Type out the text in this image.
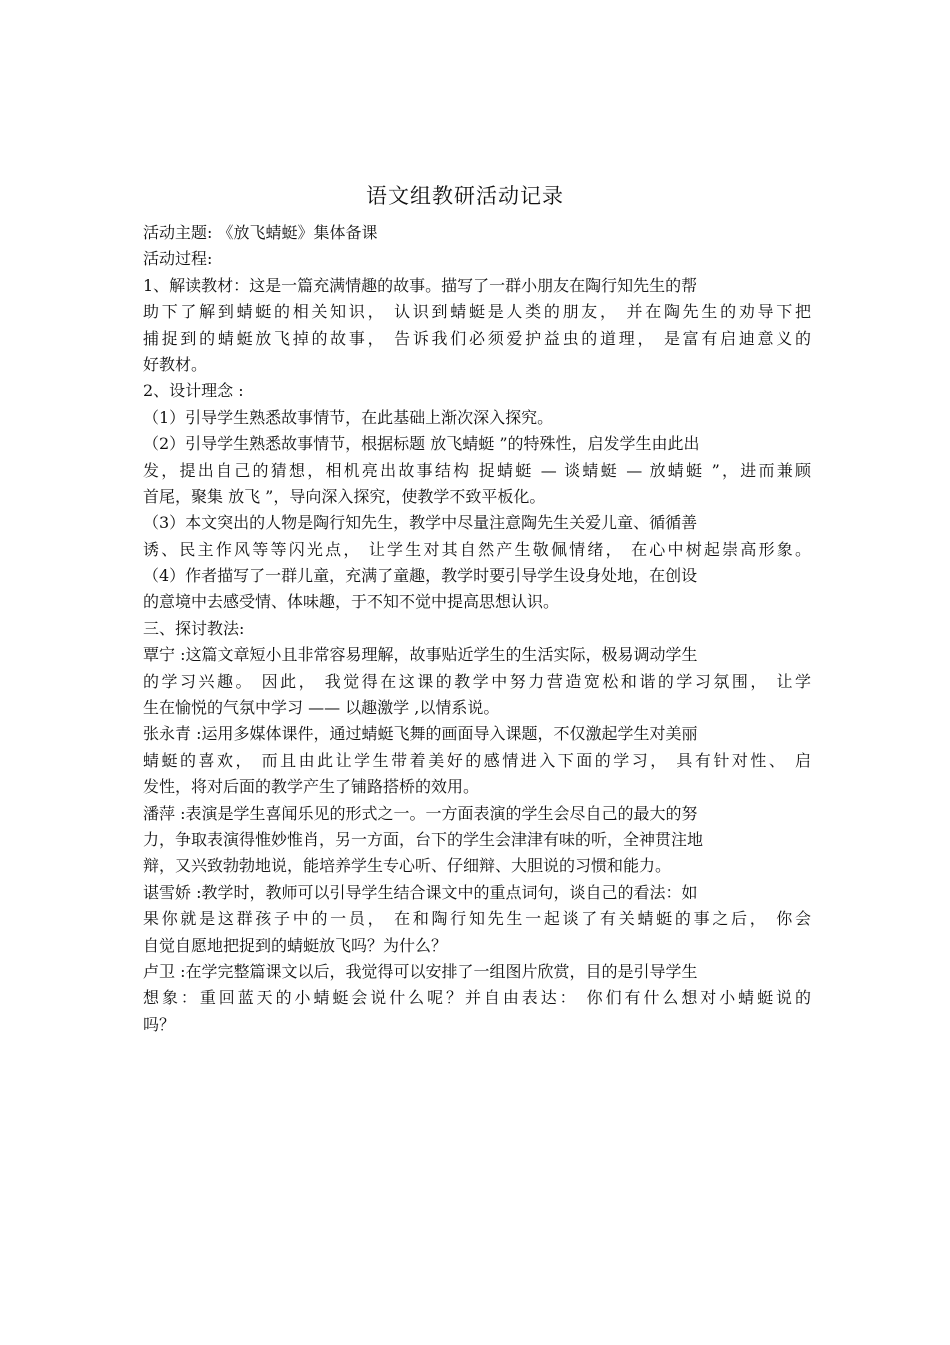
语文组教研活动记录
活动主题: 《放飞蜻蜓》集体备课
活动过程:
1、解读教材：这是一篇充满情趣的故事。描写了一群小朋友在陶行知先生的帮
助下了解到蜻蜓的相关知识， 认识到蜻蜓是人类的朋友， 并在陶先生的劝导下把
捕捉到的蜻蜓放飞掉的故事， 告诉我们必须爱护益虫的道理， 是富有启迪意义的
好教材。
2、设计理念 :
（1）引导学生熟悉故事情节，在此基础上渐次深入探究。
（2）引导学生熟悉故事情节，根据标题 放飞蜻蜓 ”的特殊性，启发学生由此出
发，提出自己的猜想，相机亮出故事结构 捉蜻蜓 — 谈蜻蜓 — 放蜻蜓 ”，进而兼顾
首尾，聚集 放飞 ”，导向深入探究，使教学不致平板化。
（3）本文突出的人物是陶行知先生，教学中尽量注意陶先生关爱儿童、循循善
诱、民主作风等等闪光点， 让学生对其自然产生敬佩情绪， 在心中树起崇高形象。
（4）作者描写了一群儿童，充满了童趣，教学时要引导学生设身处地，在创设
的意境中去感受情、体味趣，于不知不觉中提高思想认识。
三、探讨教法:
覃宁 :这篇文章短小且非常容易理解，故事贴近学生的生活实际，极易调动学生
的学习兴趣。 因此， 我觉得在这课的教学中努力营造宽松和谐的学习氛围， 让学
生在愉悦的气氛中学习 —— 以趣激学 ,以情系说。
张永青 :运用多媒体课件，通过蜻蜓飞舞的画面导入课题，不仅激起学生对美丽
蜻蜓的喜欢， 而且由此让学生带着美好的感情进入下面的学习， 具有针对性、 启
发性，将对后面的教学产生了铺路搭桥的效用。
潘萍 :表演是学生喜闻乐见的形式之一。一方面表演的学生会尽自己的最大的努
力，争取表演得惟妙惟肖，另一方面，台下的学生会津津有味的听，全神贯注地
辩，又兴致勃勃地说，能培养学生专心听、仔细辩、大胆说的习惯和能力。
谌雪娇 :教学时，教师可以引导学生结合课文中的重点词句，谈自己的看法：如
果你就是这群孩子中的一员， 在和陶行知先生一起谈了有关蜻蜓的事之后， 你会
自觉自愿地把捉到的蜻蜓放飞吗？为什么？
卢卫 :在学完整篇课文以后，我觉得可以安排了一组图片欣赏，目的是引导学生
想象：重回蓝天的小蜻蜓会说什么呢？并自由表达： 你们有什么想对小蜻蜓说的
吗？
